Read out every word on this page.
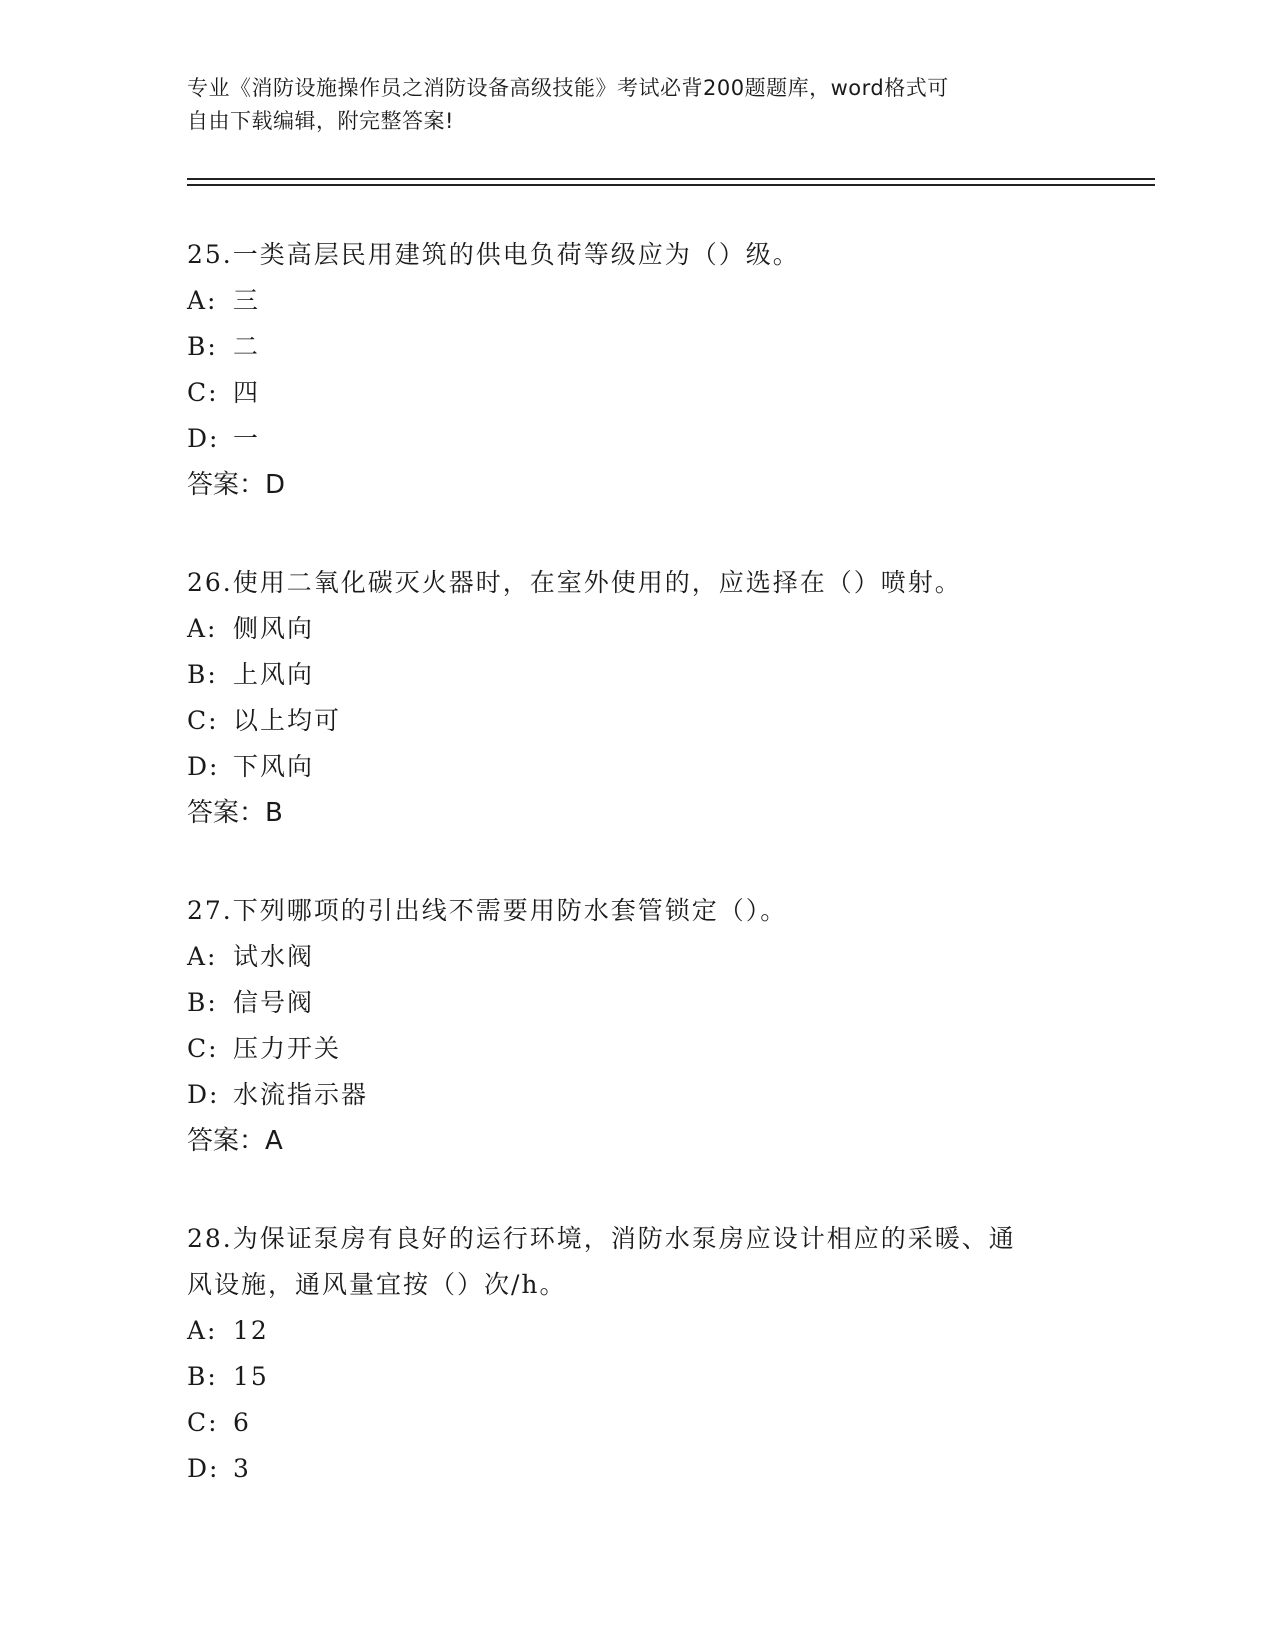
专业《消防设施操作员之消防设备高级技能》考试必背200题题库，word格式可
自由下载编辑，附完整答案!
25.一类高层民用建筑的供电负荷等级应为（）级。
A: 三
B: 二
C: 四
D: 一
答案：D
26.使用二氧化碳灭火器时，在室外使用的，应选择在（）喷射。
A: 侧风向
B: 上风向
C: 以上均可
D: 下风向
答案：B
27.下列哪项的引出线不需要用防水套管锁定（）。
A: 试水阀
B: 信号阀
C: 压力开关
D: 水流指示器
答案：A
28.为保证泵房有良好的运行环境，消防水泵房应设计相应的采暖、通
风设施，通风量宜按（）次/h。
A: 12
B: 15
C: 6
D: 3
